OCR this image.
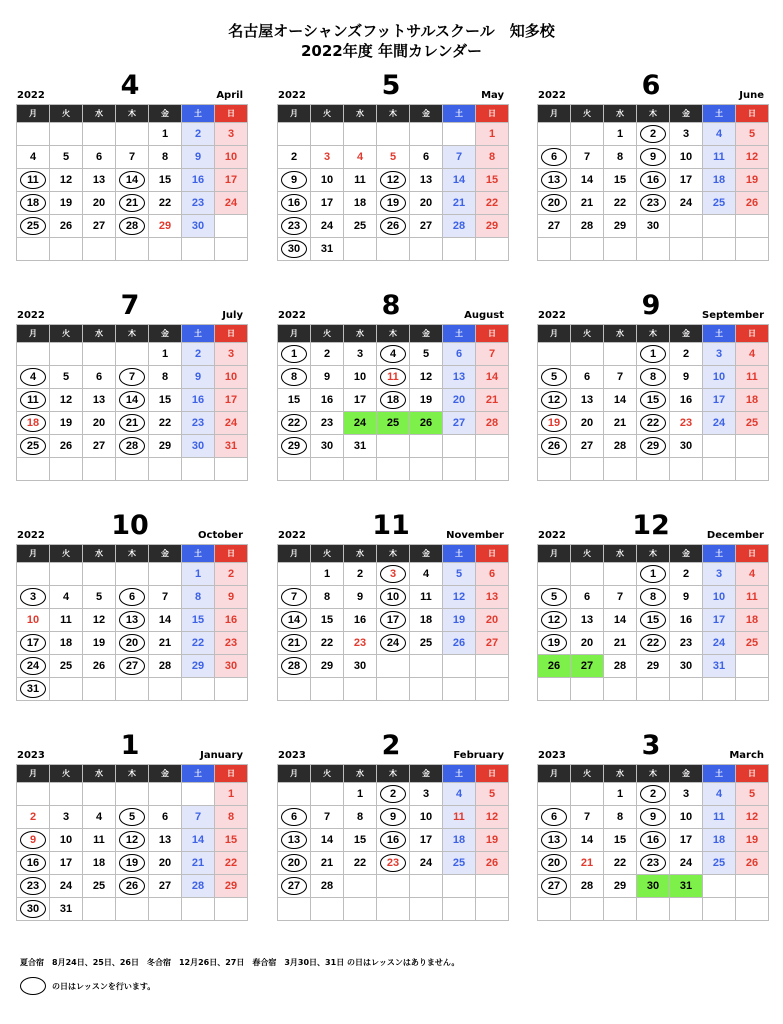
名古屋オーシャンズフットサルスクール　知多校
2022年度 年間カレンダー
2022	4	April
月	火	水	木	金	土	日
				1	2	3
4	5	6	7	8	9	10
11	12	13	14	15	16	17
18	19	20	21	22	23	24
25	26	27	28	29	30	

2022	5	May
月	火	水	木	金	土	日
						1
2	3	4	5	6	7	8
9	10	11	12	13	14	15
16	17	18	19	20	21	22
23	24	25	26	27	28	29
30	31					
2022	6	June
月	火	水	木	金	土	日
		1	2	3	4	5
6	7	8	9	10	11	12
13	14	15	16	17	18	19
20	21	22	23	24	25	26
27	28	29	30			

2022	7	July
月	火	水	木	金	土	日
				1	2	3
4	5	6	7	8	9	10
11	12	13	14	15	16	17
18	19	20	21	22	23	24
25	26	27	28	29	30	31

2022	8	August
月	火	水	木	金	土	日
1	2	3	4	5	6	7
8	9	10	11	12	13	14
15	16	17	18	19	20	21
22	23	24	25	26	27	28
29	30	31				

2022	9	September
月	火	水	木	金	土	日
			1	2	3	4
5	6	7	8	9	10	11
12	13	14	15	16	17	18
19	20	21	22	23	24	25
26	27	28	29	30		

2022	10	October
月	火	水	木	金	土	日
					1	2
3	4	5	6	7	8	9
10	11	12	13	14	15	16
17	18	19	20	21	22	23
24	25	26	27	28	29	30
31						
2022	11	November
月	火	水	木	金	土	日
	1	2	3	4	5	6
7	8	9	10	11	12	13
14	15	16	17	18	19	20
21	22	23	24	25	26	27
28	29	30				

2022	12	December
月	火	水	木	金	土	日
			1	2	3	4
5	6	7	8	9	10	11
12	13	14	15	16	17	18
19	20	21	22	23	24	25
26	27	28	29	30	31	

2023	1	January
月	火	水	木	金	土	日
						1
2	3	4	5	6	7	8
9	10	11	12	13	14	15
16	17	18	19	20	21	22
23	24	25	26	27	28	29
30	31					
2023	2	February
月	火	水	木	金	土	日
		1	2	3	4	5
6	7	8	9	10	11	12
13	14	15	16	17	18	19
20	21	22	23	24	25	26
27	28					

2023	3	March
月	火	水	木	金	土	日
		1	2	3	4	5
6	7	8	9	10	11	12
13	14	15	16	17	18	19
20	21	22	23	24	25	26
27	28	29	30	31		

夏合宿　8月24日、25日、26日　冬合宿　12月26日、27日　春合宿　3月30日、31日 の日はレッスンはありません。
の日はレッスンを行います。
